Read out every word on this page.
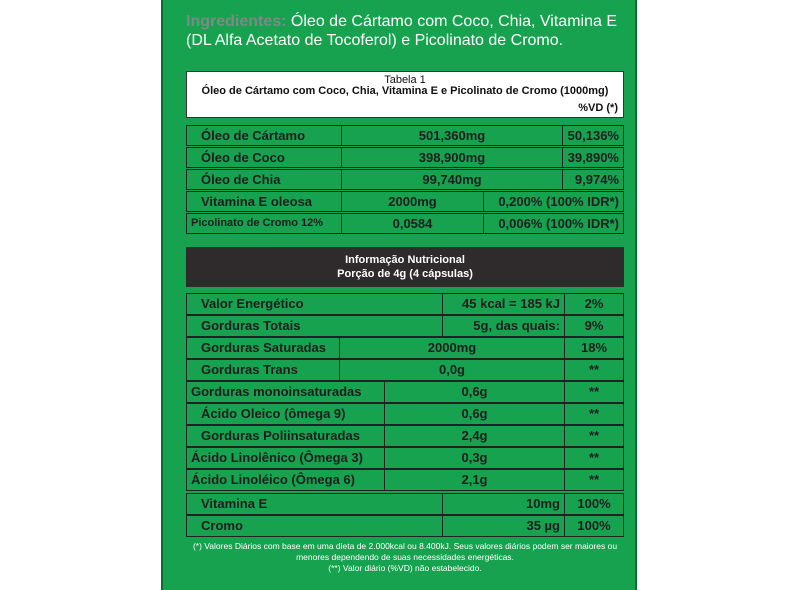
Ingredientes: Óleo de Cártamo com Coco, Chia, Vitamina E (DL Alfa Acetato de Tocoferol) e Picolinato de Cromo.
Tabela 1
Óleo de Cártamo com Coco, Chia, Vitamina E e Picolinato de Cromo (1000mg)
%VD (*)
Óleo de Cártamo	501,360mg	50,136%
Óleo de Coco	398,900mg	39,890%
Óleo de Chia	99,740mg	9,974%
Vitamina E oleosa	2000mg	0,200% (100% IDR*)
Picolinato de Cromo 12%	0,0584	0,006% (100% IDR*)
Informação Nutricional
Porção de 4g (4 cápsulas)
Valor Energético	45 kcal = 185 kJ	2%
Gorduras Totais	5g, das quais:	9%
Gorduras Saturadas	2000mg	18%
Gorduras Trans	0,0g	**
Gorduras monoinsaturadas	0,6g	**
Ácido Oleico (ômega 9)	0,6g	**
Gorduras Poliinsaturadas	2,4g	**
Ácido Linolênico (Ômega 3)	0,3g	**
Ácido Linoléico (Ômega 6)	2,1g	**
Vitamina E	10mg	100%
Cromo	35 µg	100%
(*) Valores Diários com base em uma dieta de 2.000kcal ou 8.400kJ. Seus valores diários podem ser maiores ou menores dependendo de suas necessidades energéticas.
(**) Valor diário (%VD) não estabelecido.
